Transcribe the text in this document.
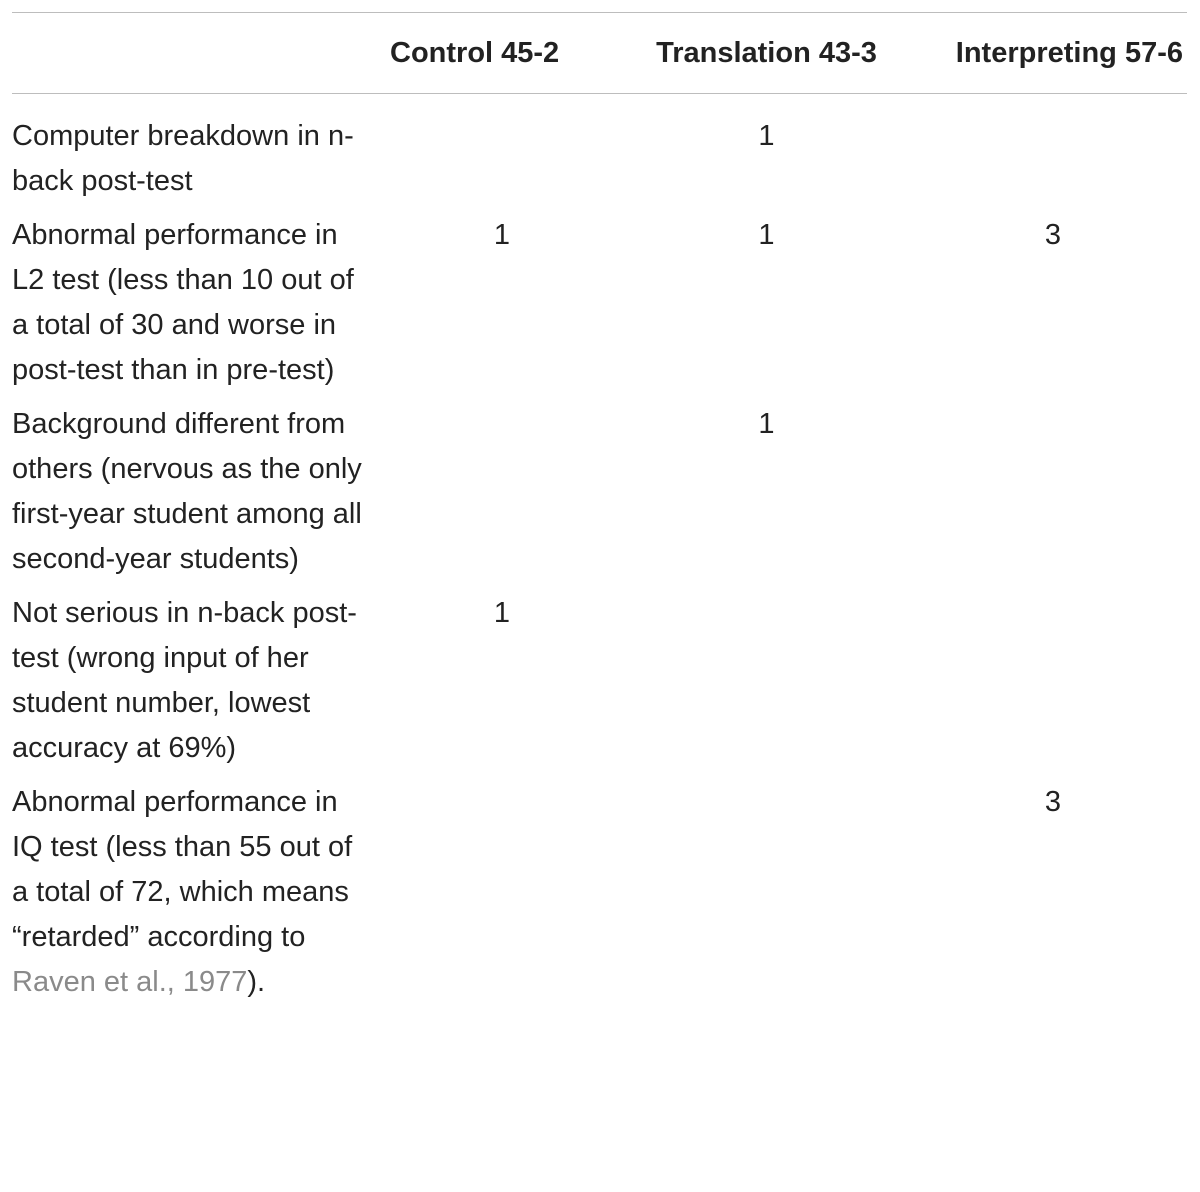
	Control 45-2	Translation 43-3	Interpreting 57-6
Computer breakdown in n-back post-test		1	
Abnormal performance in L2 test (less than 10 out of a total of 30 and worse in post-test than in pre-test)	1	1	3
Background different from others (nervous as the only first-year student among all second-year students)		1	
Not serious in n-back post-test (wrong input of her student number, lowest accuracy at 69%)	1		
Abnormal performance in IQ test (less than 55 out of a total of 72, which means “retarded” according to Raven et al., 1977).			3
